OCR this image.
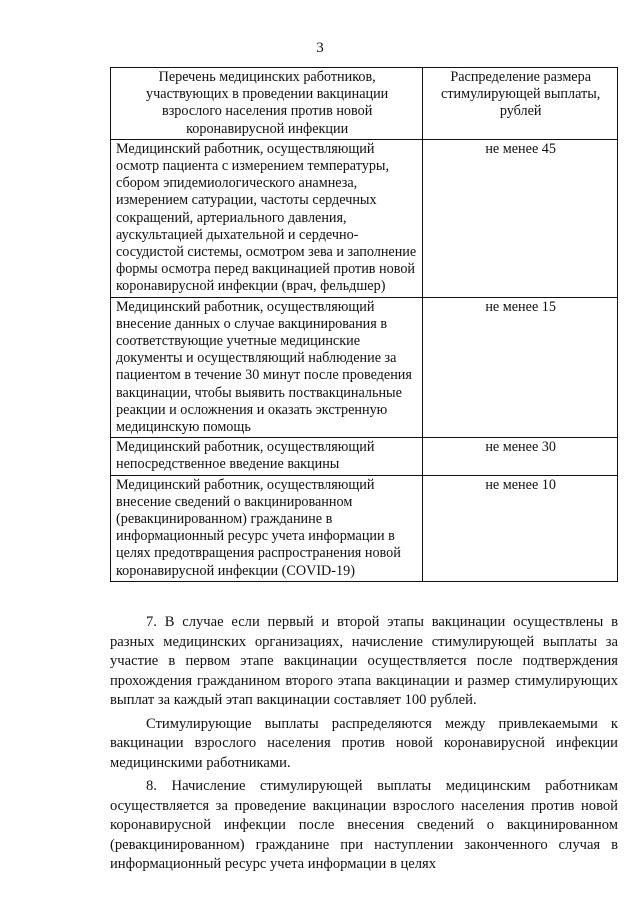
3
Перечень медицинских работников, участвующих в проведении вакцинации взрослого населения против новой коронавирусной инфекции	Распределение размера стимулирующей выплаты, рублей
Медицинский работник, осуществляющий осмотр пациента с измерением температуры, сбором эпидемиологического анамнеза, измерением сатурации, частоты сердечных сокращений, артериального давления, аускультацией дыхательной и сердечно-сосудистой системы, осмотром зева и заполнение формы осмотра перед вакцинацией против новой коронавирусной инфекции (врач, фельдшер)	не менее 45
Медицинский работник, осуществляющий внесение данных о случае вакцинирования в соответствующие учетные медицинские документы и осуществляющий наблюдение за пациентом в течение 30 минут после проведения вакцинации, чтобы выявить поствакцинальные реакции и осложнения и оказать экстренную медицинскую помощь	не менее 15
Медицинский работник, осуществляющий непосредственное введение вакцины	не менее 30
Медицинский работник, осуществляющий внесение сведений о вакцинированном (ревакцинированном) гражданине в информационный ресурс учета информации в целях предотвращения распространения новой коронавирусной инфекции (COVID-19)	не менее 10

7. В случае если первый и второй этапы вакцинации осуществлены в разных медицинских организациях, начисление стимулирующей выплаты за участие в первом этапе вакцинации осуществляется после подтверждения прохождения гражданином второго этапа вакцинации и размер стимулирующих выплат за каждый этап вакцинации составляет 100 рублей.

Стимулирующие выплаты распределяются между привлекаемыми к вакцинации взрослого населения против новой коронавирусной инфекции медицинскими работниками.

8. Начисление стимулирующей выплаты медицинским работникам осуществляется за проведение вакцинации взрослого населения против новой коронавирусной инфекции после внесения сведений о вакцинированном (ревакцинированном) гражданине при наступлении законченного случая в информационный ресурс учета информации в целях
